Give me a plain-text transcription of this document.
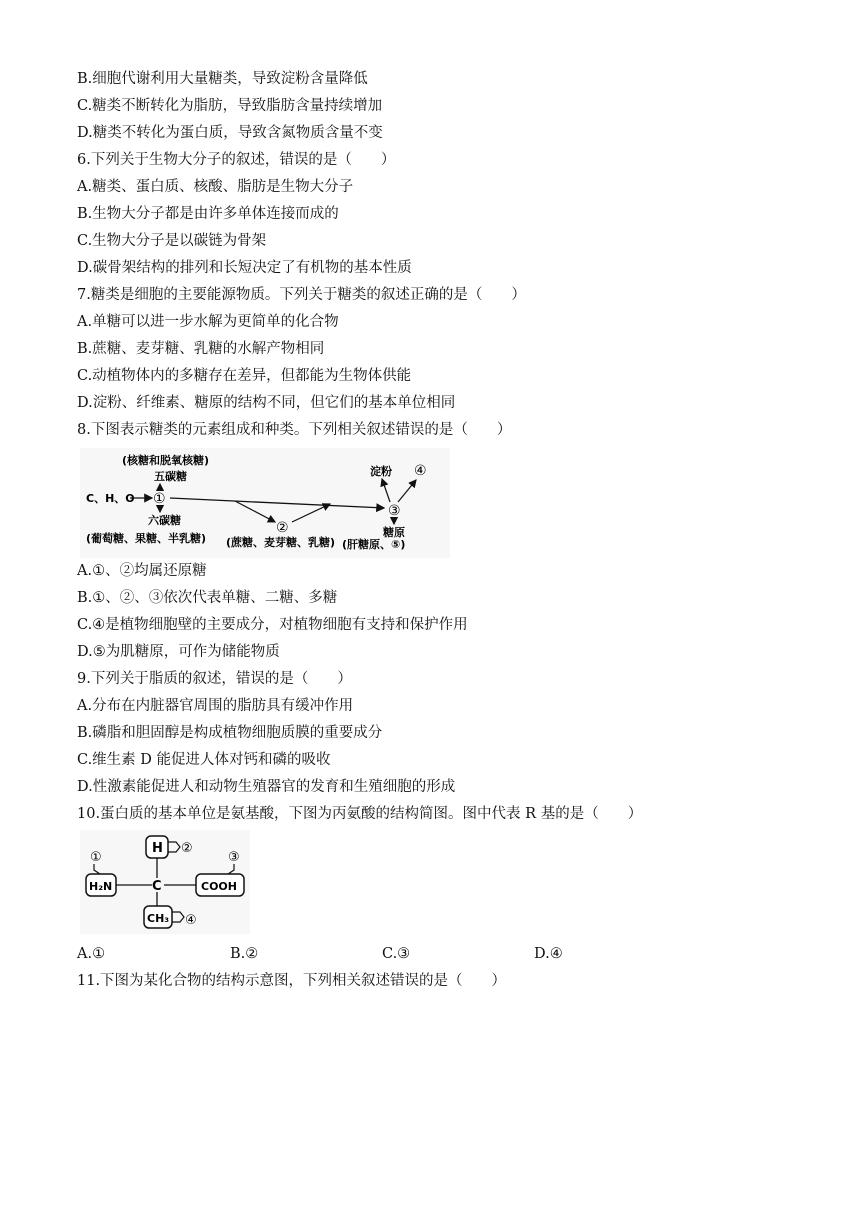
B.细胞代谢利用大量糖类，导致淀粉含量降低
C.糖类不断转化为脂肪，导致脂肪含量持续增加
D.糖类不转化为蛋白质，导致含氮物质含量不变
6.下列关于生物大分子的叙述，错误的是（　　）
A.糖类、蛋白质、核酸、脂肪是生物大分子
B.生物大分子都是由许多单体连接而成的
C.生物大分子是以碳链为骨架
D.碳骨架结构的排列和长短决定了有机物的基本性质
7.糖类是细胞的主要能源物质。下列关于糖类的叙述正确的是（　　）
A.单糖可以进一步水解为更简单的化合物
B.蔗糖、麦芽糖、乳糖的水解产物相同
C.动植物体内的多糖存在差异，但都能为生物体供能
D.淀粉、纤维素、糖原的结构不同，但它们的基本单位相同
8.下图表示糖类的元素组成和种类。下列相关叙述错误的是（　　）
(核糖和脱氧核糖)
五碳糖
C、H、O ①
六碳糖
(葡萄糖、果糖、半乳糖)
②
(蔗糖、麦芽糖、乳糖)
③
淀粉 ④
糖原
(肝糖原、⑤)
A.①、②均属还原糖
B.①、②、③依次代表单糖、二糖、多糖
C.④是植物细胞壁的主要成分，对植物细胞有支持和保护作用
D.⑤为肌糖原，可作为储能物质
9.下列关于脂质的叙述，错误的是（　　）
A.分布在内脏器官周围的脂肪具有缓冲作用
B.磷脂和胆固醇是构成植物细胞质膜的重要成分
C.维生素 D 能促进人体对钙和磷的吸收
D.性激素能促进人和动物生殖器官的发育和生殖细胞的形成
10.蛋白质的基本单位是氨基酸，下图为丙氨酸的结构简图。图中代表 R 基的是（　　）
H ②
①
H₂N	C
③
COOH
CH₃ ④
A.①	B.②	C.③	D.④
11.下图为某化合物的结构示意图，下列相关叙述错误的是（　　）
